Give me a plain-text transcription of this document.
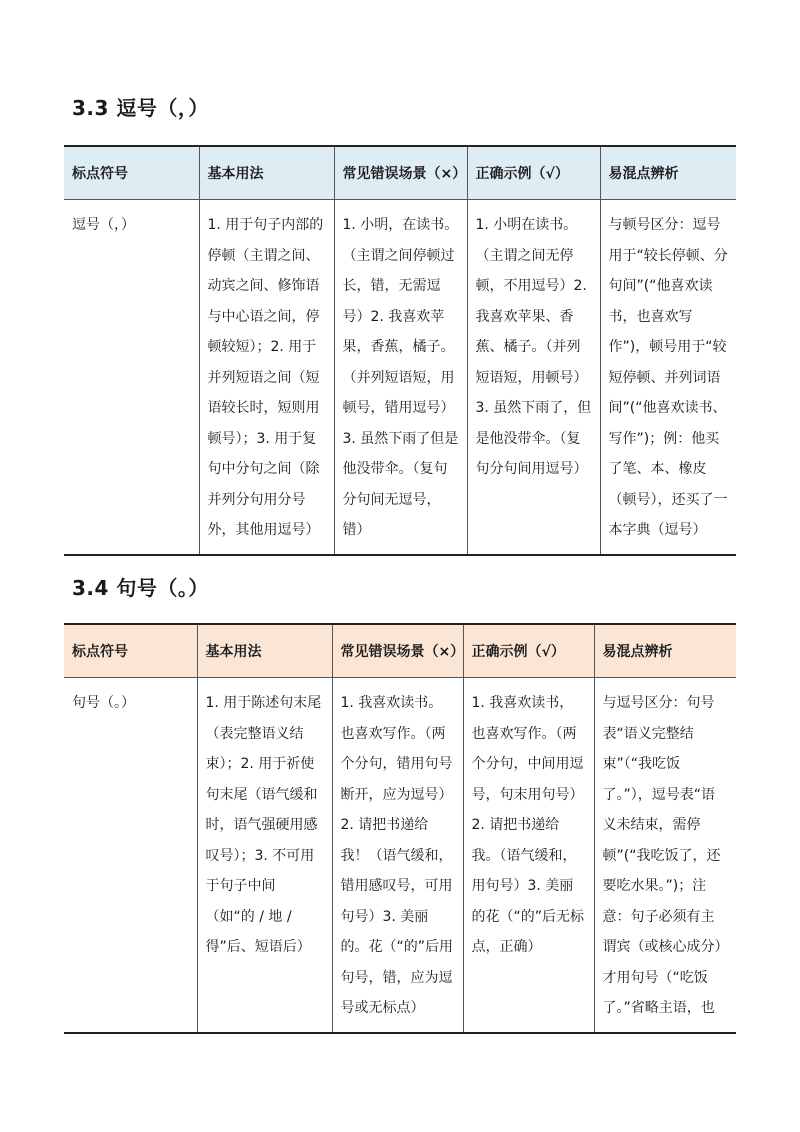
3.3 逗号（，）
标点符号	基本用法	常见错误场景（×）	正确示例（√）	易混点辨析
逗号（，）	1. 用于句子内部的停顿（主谓之间、动宾之间、修饰语与中心语之间，停顿较短）；2. 用于并列短语之间（短语较长时，短则用顿号）；3. 用于复句中分句之间（除并列分句用分号外，其他用逗号）	1. 小明，在读书。（主谓之间停顿过长，错，无需逗号）2. 我喜欢苹果，香蕉，橘子。（并列短语短，用顿号，错用逗号）3. 虽然下雨了但是他没带伞。（复句分句间无逗号，错）	1. 小明在读书。（主谓之间无停顿，不用逗号）2. 我喜欢苹果、香蕉、橘子。（并列短语短，用顿号）3. 虽然下雨了，但是他没带伞。（复句分句间用逗号）	与顿号区分：逗号用于“较长停顿、分句间”(“他喜欢读书，也喜欢写作”)，顿号用于“较短停顿、并列词语间”(“他喜欢读书、写作”)；例：他买了笔、本、橡皮（顿号），还买了一本字典（逗号）
3.4 句号（。）
标点符号	基本用法	常见错误场景（×）	正确示例（√）	易混点辨析
句号（。）	1. 用于陈述句末尾（表完整语义结束）；2. 用于祈使句末尾（语气缓和时，语气强硬用感叹号）；3. 不可用于句子中间（如“的 / 地 / 得”后、短语后）	1. 我喜欢读书。也喜欢写作。（两个分句，错用句号断开，应为逗号）2. 请把书递给我！（语气缓和，错用感叹号，可用句号）3. 美丽的。花（“的”后用句号，错，应为逗号或无标点）	1. 我喜欢读书，也喜欢写作。（两个分句，中间用逗号，句末用句号）2. 请把书递给我。（语气缓和，用句号）3. 美丽的花（“的”后无标点，正确）	与逗号区分：句号表“语义完整结束”（“我吃饭了。”），逗号表“语义未结束，需停顿”(“我吃饭了，还要吃水果。”)；注意：句子必须有主谓宾（或核心成分）才用句号（“吃饭了。”省略主语，也
